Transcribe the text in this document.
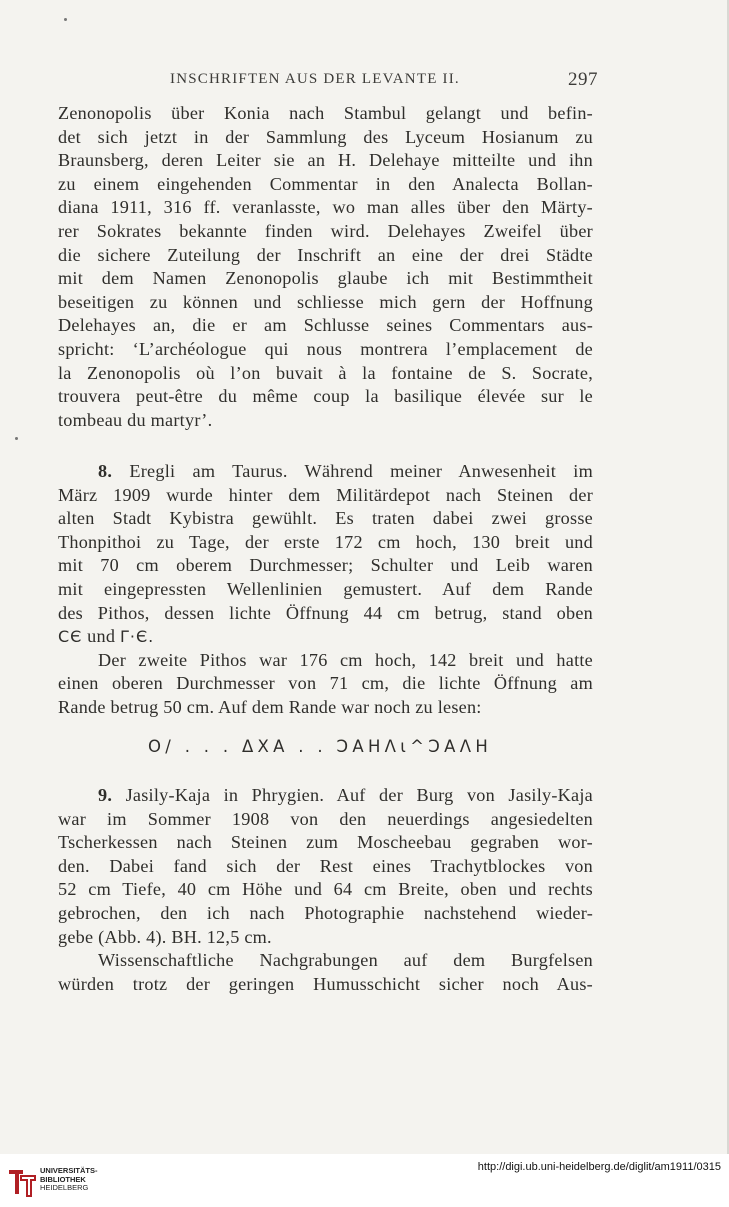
INSCHRIFTEN AUS DER LEVANTE II.	297
Zenonopolis über Konia nach Stambul gelangt und befin-
det sich jetzt in der Sammlung des Lyceum Hosianum zu
Braunsberg, deren Leiter sie an H. Delehaye mitteilte und ihn
zu einem eingehenden Commentar in den Analecta Bollan-
diana 1911, 316 ff. veranlasste, wo man alles über den Märty-
rer Sokrates bekannte finden wird. Delehayes Zweifel über
die sichere Zuteilung der Inschrift an eine der drei Städte
mit dem Namen Zenonopolis glaube ich mit Bestimmtheit
beseitigen zu können und schliesse mich gern der Hoffnung
Delehayes an, die er am Schlusse seines Commentars aus-
spricht: ‘L’archéologue qui nous montrera l’emplacement de
la Zenonopolis où l’on buvait à la fontaine de S. Socrate,
trouvera peut-être du même coup la basilique élevée sur le
tombeau du martyr’.
8. Eregli am Taurus. Während meiner Anwesenheit im
März 1909 wurde hinter dem Militärdepot nach Steinen der
alten Stadt Kybistra gewühlt. Es traten dabei zwei grosse
Thonpithoi zu Tage, der erste 172 cm hoch, 130 breit und
mit 70 cm oberem Durchmesser; Schulter und Leib waren
mit eingepressten Wellenlinien gemustert. Auf dem Rande
des Pithos, dessen lichte Öffnung 44 cm betrug, stand oben
CЄ und Γ·Є.
Der zweite Pithos war 176 cm hoch, 142 breit und hatte
einen oberen Durchmesser von 71 cm, die lichte Öffnung am
Rande betrug 50 cm. Auf dem Rande war noch zu lesen:
O/ . . . ΔΧΑ . . ϽΑΗΛι^ϽΑΛΗ
9. Jasily-Kaja in Phrygien. Auf der Burg von Jasily-Kaja
war im Sommer 1908 von den neuerdings angesiedelten
Tscherkessen nach Steinen zum Moscheebau gegraben wor-
den. Dabei fand sich der Rest eines Trachytblockes von
52 cm Tiefe, 40 cm Höhe und 64 cm Breite, oben und rechts
gebrochen, den ich nach Photographie nachstehend wieder-
gebe (Abb. 4). BH. 12,5 cm.
Wissenschaftliche Nachgrabungen auf dem Burgfelsen
würden trotz der geringen Humusschicht sicher noch Aus-
UNIVERSITÄTS-
BIBLIOTHEK
HEIDELBERG
http://digi.ub.uni-heidelberg.de/diglit/am1911/0315
